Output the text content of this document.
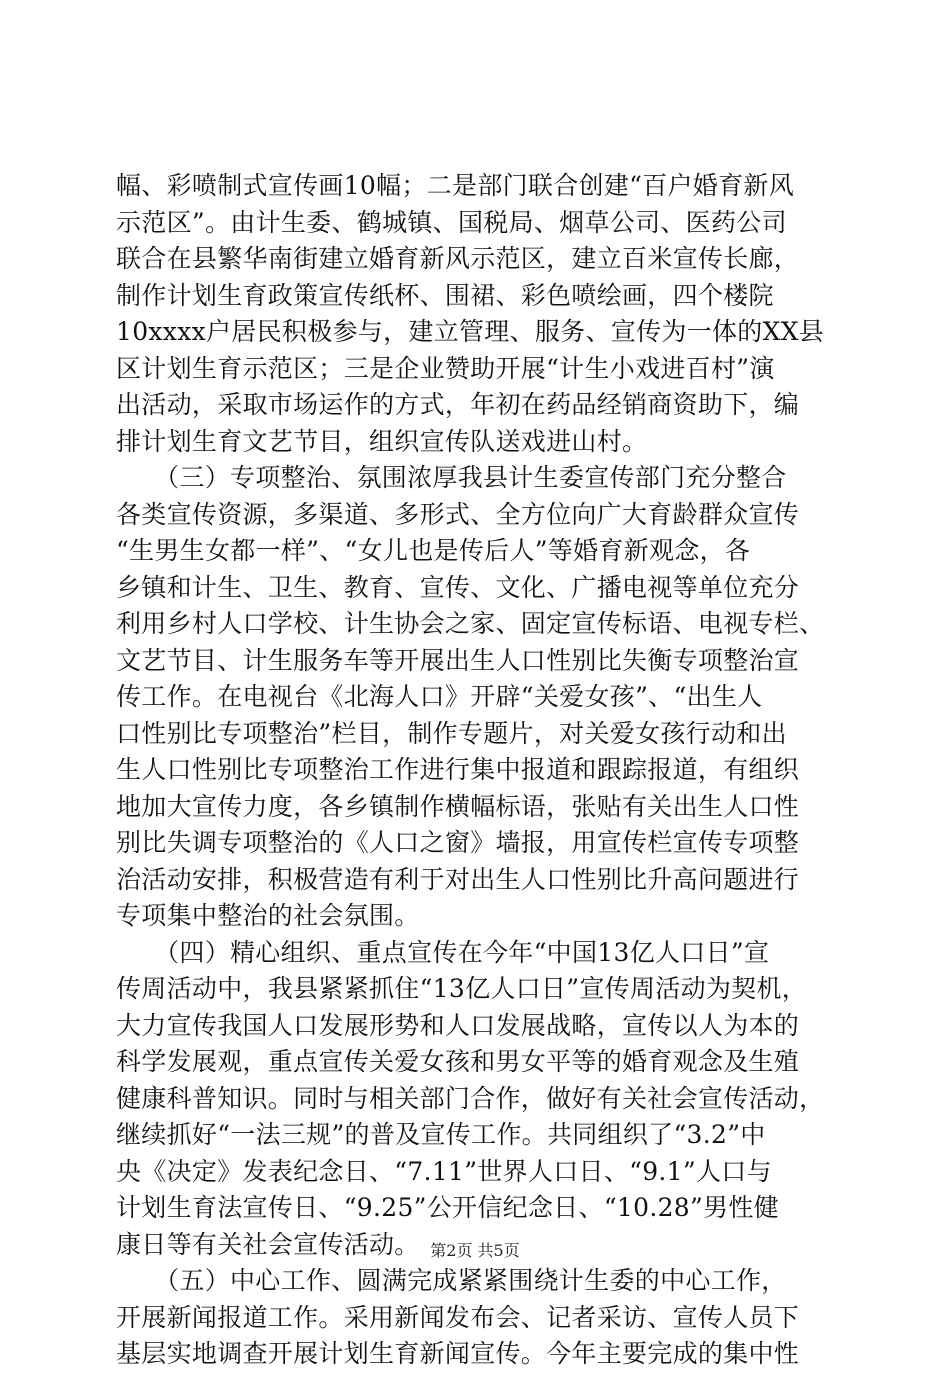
幅、彩喷制式宣传画10幅；二是部门联合创建“百户婚育新风
示范区”。由计生委、鹤城镇、国税局、烟草公司、医药公司
联合在县繁华南街建立婚育新风示范区，建立百米宣传长廊，
制作计划生育政策宣传纸杯、围裙、彩色喷绘画，四个楼院
10xxxx户居民积极参与，建立管理、服务、宣传为一体的XX县
区计划生育示范区；三是企业赞助开展“计生小戏进百村”演
出活动，采取市场运作的方式，年初在药品经销商资助下，编
排计划生育文艺节目，组织宣传队送戏进山村。
　　（三）专项整治、氛围浓厚我县计生委宣传部门充分整合
各类宣传资源，多渠道、多形式、全方位向广大育龄群众宣传
“生男生女都一样”、“女儿也是传后人”等婚育新观念，各
乡镇和计生、卫生、教育、宣传、文化、广播电视等单位充分
利用乡村人口学校、计生协会之家、固定宣传标语、电视专栏、
文艺节目、计生服务车等开展出生人口性别比失衡专项整治宣
传工作。在电视台《北海人口》开辟“关爱女孩”、“出生人
口性别比专项整治”栏目，制作专题片，对关爱女孩行动和出
生人口性别比专项整治工作进行集中报道和跟踪报道，有组织
地加大宣传力度，各乡镇制作横幅标语，张贴有关出生人口性
别比失调专项整治的《人口之窗》墙报，用宣传栏宣传专项整
治活动安排，积极营造有利于对出生人口性别比升高问题进行
专项集中整治的社会氛围。
　　（四）精心组织、重点宣传在今年“中国13亿人口日”宣
传周活动中，我县紧紧抓住“13亿人口日”宣传周活动为契机，
大力宣传我国人口发展形势和人口发展战略，宣传以人为本的
科学发展观，重点宣传关爱女孩和男女平等的婚育观念及生殖
健康科普知识。同时与相关部门合作，做好有关社会宣传活动，
继续抓好“一法三规”的普及宣传工作。共同组织了“3.2”中
央《决定》发表纪念日、“7.11”世界人口日、“9.1”人口与
计划生育法宣传日、“9.25”公开信纪念日、“10.28”男性健
康日等有关社会宣传活动。
　　（五）中心工作、圆满完成紧紧围绕计生委的中心工作，
开展新闻报道工作。采用新闻发布会、记者采访、宣传人员下
基层实地调查开展计划生育新闻宣传。今年主要完成的集中性
第2页 共5页
